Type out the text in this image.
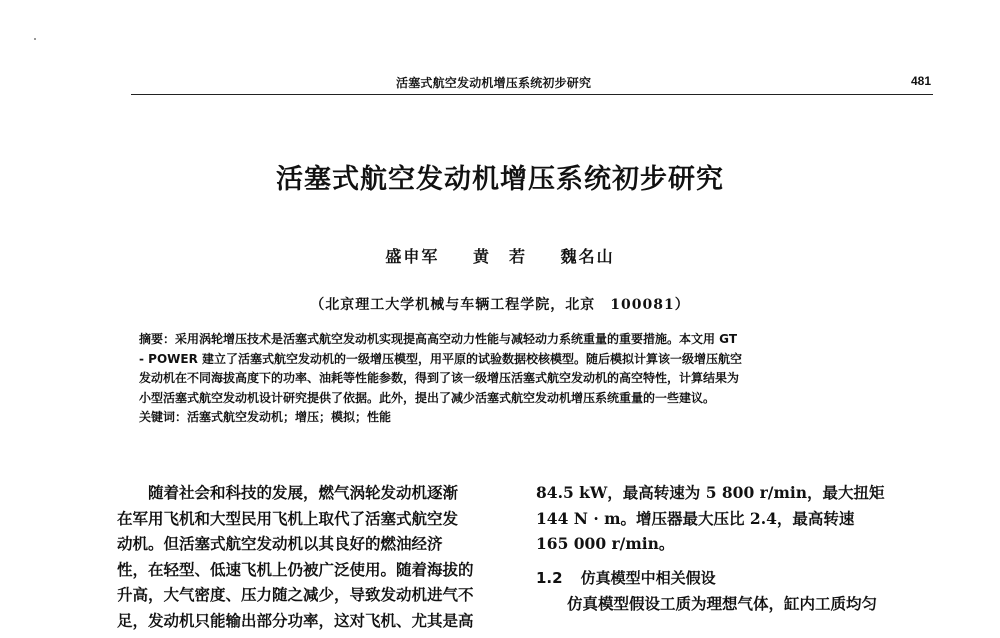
活塞式航空发动机增压系统初步研究	481
活塞式航空发动机增压系统初步研究
盛申军 黄　若 魏名山
（北京理工大学机械与车辆工程学院，北京　100081）
摘要：采用涡轮增压技术是活塞式航空发动机实现提高高空动力性能与减轻动力系统重量的重要措施。本文用 GT
- POWER 建立了活塞式航空发动机的一级增压模型，用平原的试验数据校核模型。随后模拟计算该一级增压航空
发动机在不同海拔高度下的功率、油耗等性能参数，得到了该一级增压活塞式航空发动机的高空特性，计算结果为
小型活塞式航空发动机设计研究提供了依据。此外，提出了减少活塞式航空发动机增压系统重量的一些建议。
关键词：活塞式航空发动机；增压；模拟；性能
随着社会和科技的发展，燃气涡轮发动机逐渐
在军用飞机和大型民用飞机上取代了活塞式航空发
动机。但活塞式航空发动机以其良好的燃油经济
性，在轻型、低速飞机上仍被广泛使用。随着海拔的
升高，大气密度、压力随之减少，导致发动机进气不
足，发动机只能输出部分功率，这对飞机、尤其是高
84.5 kW，最高转速为 5 800 r/min，最大扭矩
144 N · m。增压器最大压比 2.4，最高转速
165 000 r/min。
1.2 仿真模型中相关假设
仿真模型假设工质为理想气体，缸内工质均匀
